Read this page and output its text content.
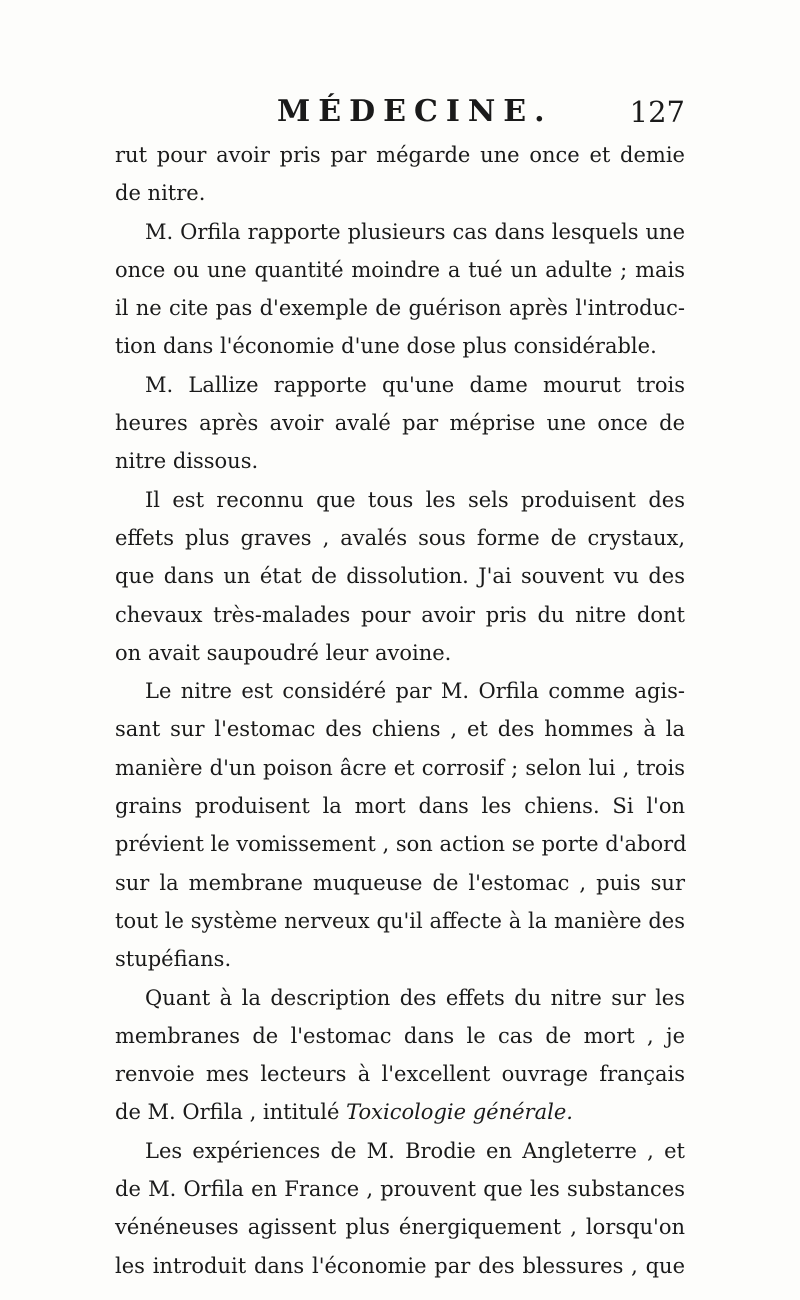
MÉDECINE.	127
rut pour avoir pris par mégarde une once et demie
de nitre.
M. Orfila rapporte plusieurs cas dans lesquels une
once ou une quantité moindre a tué un adulte ; mais
il ne cite pas d'exemple de guérison après l'introduc-
tion dans l'économie d'une dose plus considérable.
M. Lallize rapporte qu'une dame mourut trois
heures après avoir avalé par méprise une once de
nitre dissous.
Il est reconnu que tous les sels produisent des
effets plus graves , avalés sous forme de crystaux,
que dans un état de dissolution. J'ai souvent vu des
chevaux très-malades pour avoir pris du nitre dont
on avait saupoudré leur avoine.
Le nitre est considéré par M. Orfila comme agis-
sant sur l'estomac des chiens , et des hommes à la
manière d'un poison âcre et corrosif ; selon lui , trois
grains produisent la mort dans les chiens. Si l'on
prévient le vomissement , son action se porte d'abord
sur la membrane muqueuse de l'estomac , puis sur
tout le système nerveux qu'il affecte à la manière des
stupéfians.
Quant à la description des effets du nitre sur les
membranes de l'estomac dans le cas de mort , je
renvoie mes lecteurs à l'excellent ouvrage français
de M. Orfila , intitulé Toxicologie générale.
Les expériences de M. Brodie en Angleterre , et
de M. Orfila en France , prouvent que les substances
vénéneuses agissent plus énergiquement , lorsqu'on
les introduit dans l'économie par des blessures , que
